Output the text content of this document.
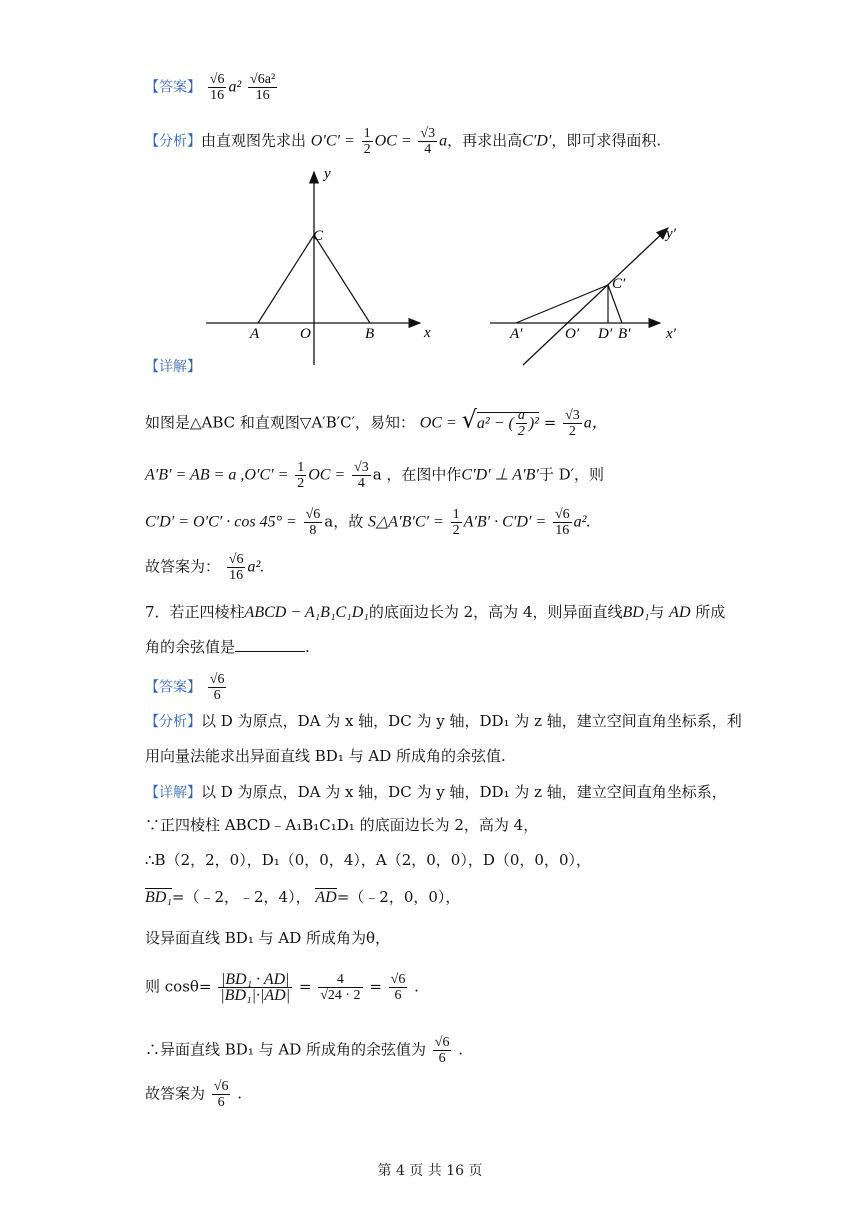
【答案】 $\frac{√6}{16} a^2 \frac{\text{√6a²}}{16}$
【分析】由直观图先求出 $O'C' = \frac{1}{2}$ OC = $\frac{√3}{4}$ a，再求出高C′D′，即可求得面积.
y
x
C
A	O	B
y′
x′
C′
A′	O′ D′ B′
【详解】
如图是△ABC 和直观图▽A′B′C′，易知： OC = √a² − ( $\frac{a}{2} )^2 = \frac{√3}{2}$ a，
A′B′ = AB = a $,O'C' = \frac{1}{2}$ OC = $\frac{√3}{4}$ a ，在图中作C′D′ ⊥ A′B′于 D′，则
$C'D' = O'C' \cdot \cos 45^\circ = \frac{√6}{8}$ a，故 S△A′B′C′ = $\frac{1}{2} A'B' \cdot C'D' = \frac{√6}{16} a^2$.
故答案为： $\frac{√6}{16} a^2$.
7．若正四棱柱ABCD − A₁B₁C₁D₁的底面边长为 2，高为 4，则异面直线BD₁与 AD 所成
角的余弦值是	.
【答案】 $\frac{√6}{6}$
【分析】以 D 为原点，DA 为 x 轴，DC 为 y 轴，DD₁ 为 z 轴，建立空间直角坐标系，利
用向量法能求出异面直线 BD₁ 与 AD 所成角的余弦值.
【详解】以 D 为原点，DA 为 x 轴，DC 为 y 轴，DD₁ 为 z 轴，建立空间直角坐标系，
∵正四棱柱 ABCD﹣A₁B₁C₁D₁ 的底面边长为 2，高为 4，
∴B（2，2，0），D₁（0，0，4），A（2，0，0），D（0，0，0），
BD₁=（﹣2，﹣2，4）， AD=（﹣2，0，0），
设异面直线 BD₁ 与 AD 所成角为θ，
则 $\cos\theta= \frac{\text{|BD₁ · AD|}}{\text{|BD₁|·|AD|}} = \frac{4}{√24 \cdot 2} = \frac{√6}{6}$ .
∴异面直线 BD₁ 与 AD 所成角的余弦值为 $\frac{√6}{6}$ .
故答案为 $\frac{√6}{6}$ .
第 4 页 共 16 页
